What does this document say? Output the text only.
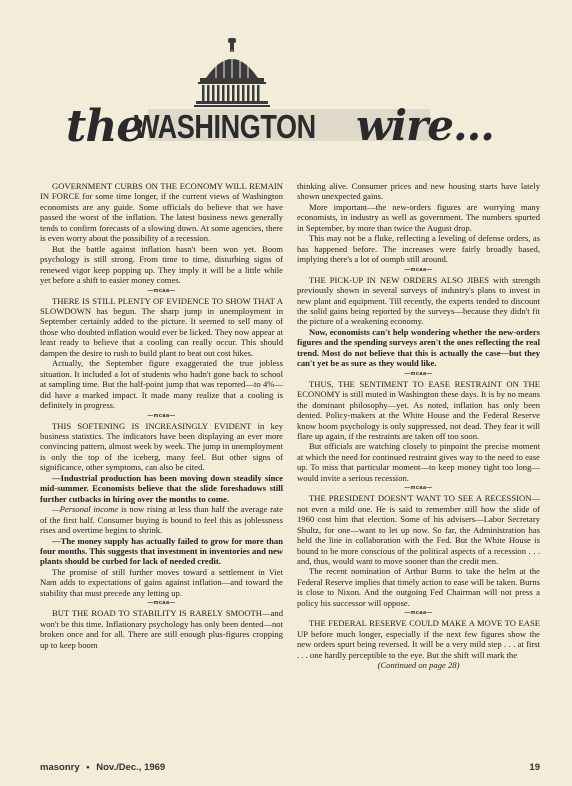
the
WASHINGTON wire...

GOVERNMENT CURBS ON THE ECONOMY WILL REMAIN IN FORCE for some time longer, if the current views of Washington economists are any guide. Some officials do believe that we have passed the worst of the inflation. The latest business news generally tends to confirm forecasts of a slowing down. At some agencies, there is even worry about the possibility of a recession.

But the battle against inflation hasn't been won yet. Boom psychology is still strong. From time to time, disturbing signs of renewed vigor keep popping up. They imply it will be a little while yet before a shift to easier money comes.

—mcaa—

THERE IS STILL PLENTY OF EVIDENCE TO SHOW THAT A SLOWDOWN has begun. The sharp jump in unemployment in September certainly added to the picture. It seemed to sell many of those who doubted inflation would ever be licked. They now appear at least ready to believe that a cooling can really occur. This should dampen the desire to rush to build plant to beat out cost hikes.

Actually, the September figure exaggerated the true jobless situation. It included a lot of students who hadn't gone back to school at sampling time. But the half-point jump that was reported—to 4%—did have a marked impact. It made many realize that a cooling is definitely in progress.

—mcaa—

THIS SOFTENING IS INCREASINGLY EVIDENT in key business statistics. The indicators have been displaying an ever more convincing pattern, almost week by week. The jump in unemployment is only the top of the iceberg, many feel. But other signs of significance, other symptoms, can also be cited.

—Industrial production has been moving down steadily since mid-summer. Economists believe that the slide foreshadows still further cutbacks in hiring over the months to come.

—Personal income is now rising at less than half the average rate of the first half. Consumer buying is bound to feel this as joblessness rises and overtime begins to shrink.

—The money supply has actually failed to grow for more than four months. This suggests that investment in inventories and new plants should be curbed for lack of needed credit.

The promise of still further moves toward a settlement in Viet Nam adds to expectations of gains against inflation—and toward the stability that must precede any letting up.

—mcaa—

BUT THE ROAD TO STABILITY IS RARELY SMOOTH—and won't be this time. Inflationary psychology has only been dented—not broken once and for all. There are still enough plus-figures cropping up to keep boom

thinking alive. Consumer prices and new housing starts have lately shown unexpected gains.

More important—the new-orders figures are worrying many economists, in industry as well as government. The numbers spurted in September, by more than twice the August drop.

This may not be a fluke, reflecting a leveling of defense orders, as has happened before. The increases were fairly broadly based, implying there's a lot of oomph still around.

—mcaa—

THE PICK-UP IN NEW ORDERS ALSO JIBES with strength previously shown in several surveys of industry's plans to invest in new plant and equipment. Till recently, the experts tended to discount the solid gains being reported by the surveys—because they didn't fit the picture of a weakening economy.

Now, economists can't help wondering whether the new-orders figures and the spending surveys aren't the ones reflecting the real trend. Most do not believe that this is actually the case—but they can't yet be as sure as they would like.

—mcaa—

THUS, THE SENTIMENT TO EASE RESTRAINT ON THE ECONOMY is still muted in Washington these days. It is by no means the dominant philosophy—yet. As noted, inflation has only been dented. Policy-makers at the White House and the Federal Reserve know boom psychology is only suppressed, not dead. They fear it will flare up again, if the restraints are taken off too soon.

But officials are watching closely to pinpoint the precise moment at which the need for continued restraint gives way to the need to ease up. To miss that particular moment—to keep money tight too long—would invite a serious recession.

—mcaa—

THE PRESIDENT DOESN'T WANT TO SEE A RECESSION—not even a mild one. He is said to remember still how the slide of 1960 cost him that election. Some of his advisers—Labor Secretary Shultz, for one—want to let up now. So far, the Administration has held the line in collaboration with the Fed. But the White House is bound to be more conscious of the political aspects of a recession . . . and, thus, would want to move sooner than the credit men.

The recent nomination of Arthur Burns to take the helm at the Federal Reserve implies that timely action to ease will be taken. Burns is close to Nixon. And the outgoing Fed Chairman will not press a policy his successor will oppose.

—mcaa—

THE FEDERAL RESERVE COULD MAKE A MOVE TO EASE UP before much longer, especially if the next few figures show the new orders spurt being reversed. It will be a very mild step . . . at first . . . one hardly perceptible to the eye. But the shift will mark the

(Continued on page 28)

masonry • Nov./Dec., 1969	19
